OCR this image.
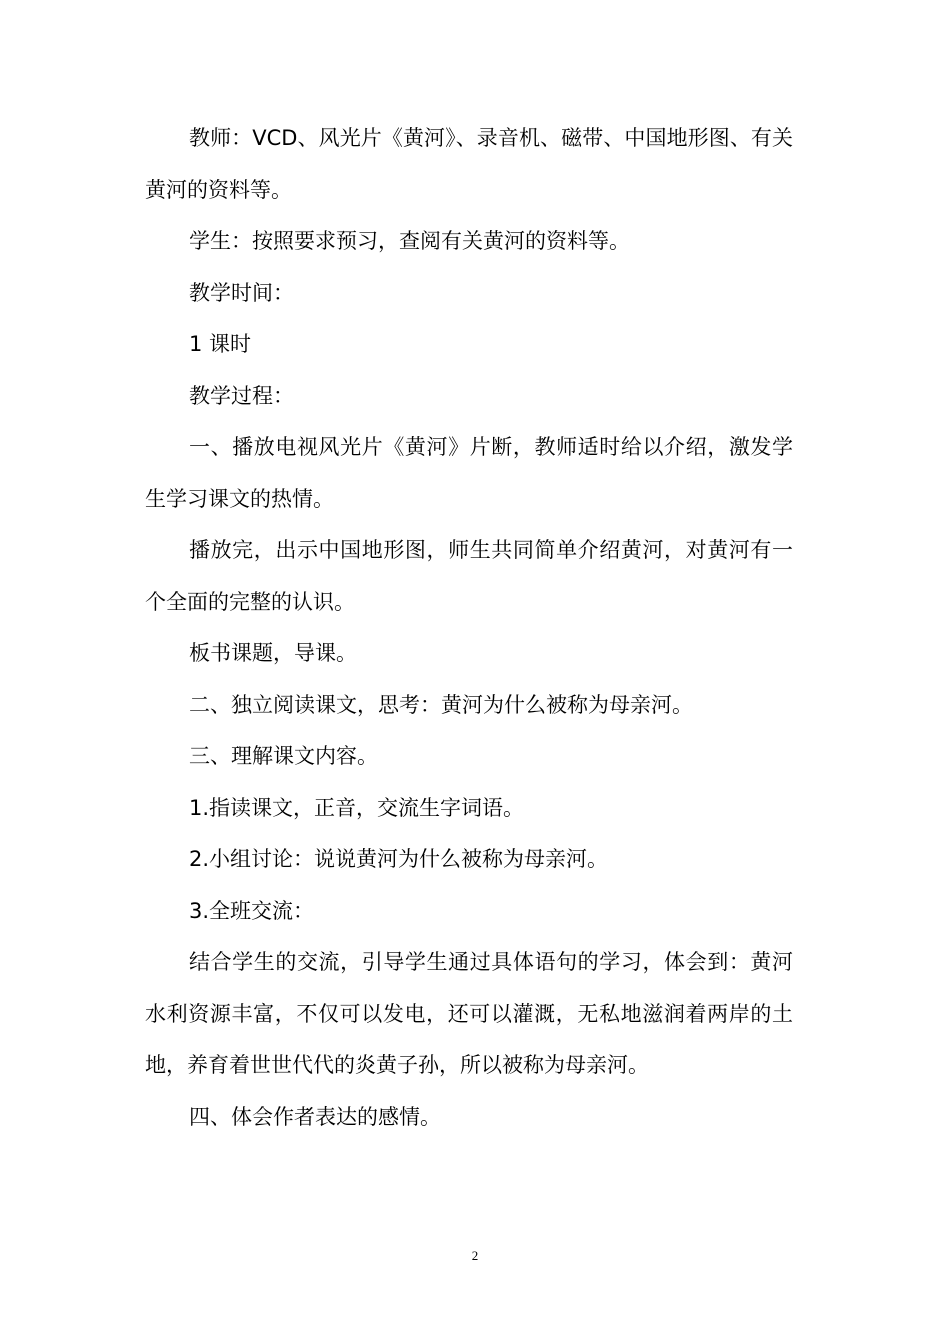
教师：VCD、风光片《黄河》、录音机、磁带、中国地形图、有关黄河的资料等。

学生：按照要求预习，查阅有关黄河的资料等。

教学时间：

1 课时

教学过程：

一、播放电视风光片《黄河》片断，教师适时给以介绍，激发学生学习课文的热情。

播放完，出示中国地形图，师生共同简单介绍黄河，对黄河有一个全面的完整的认识。

板书课题，导课。

二、独立阅读课文，思考：黄河为什么被称为母亲河。

三、理解课文内容。

1.指读课文，正音，交流生字词语。

2.小组讨论：说说黄河为什么被称为母亲河。

3.全班交流：

结合学生的交流，引导学生通过具体语句的学习，体会到：黄河水利资源丰富，不仅可以发电，还可以灌溉，无私地滋润着两岸的土地，养育着世世代代的炎黄子孙，所以被称为母亲河。

四、体会作者表达的感情。

2
